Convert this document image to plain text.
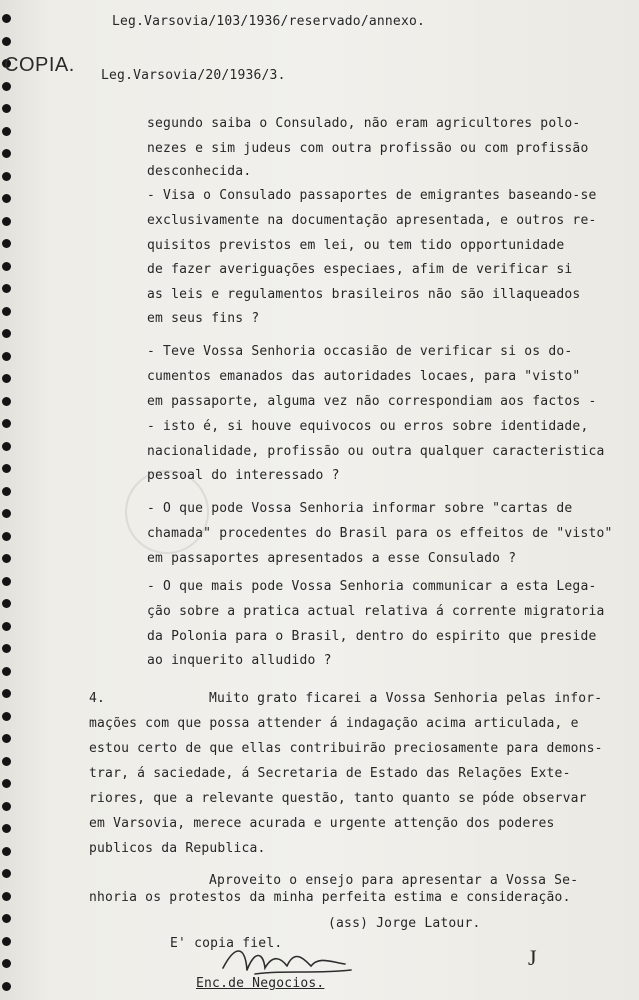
Leg.Varsovia/103/1936/reservado/annexo.
COPIA. Leg.Varsovia/20/1936/3.
segundo saiba o Consulado, não eram agricultores polo-
nezes e sim judeus com outra profissão ou com profissão
desconhecida.
- Visa o Consulado passaportes de emigrantes baseando-se
exclusivamente na documentação apresentada, e outros re-
quisitos previstos em lei, ou tem tido opportunidade
de fazer averiguações especiaes, afim de verificar si
as leis e regulamentos brasileiros não são illaqueados
em seus fins ?
- Teve Vossa Senhoria occasião de verificar si os do-
cumentos emanados das autoridades locaes, para "visto"
em passaporte, alguma vez não correspondiam aos factos -
- isto é, si houve equivocos ou erros sobre identidade,
nacionalidade, profissão ou outra qualquer caracteristica
pessoal do interessado ?
- O que pode Vossa Senhoria informar sobre "cartas de
chamada" procedentes do Brasil para os effeitos de "visto"
em passaportes apresentados a esse Consulado ?
- O que mais pode Vossa Senhoria communicar a esta Lega-
ção sobre a pratica actual relativa á corrente migratoria
da Polonia para o Brasil, dentro do espirito que preside
ao inquerito alludido ?
4.	Muito grato ficarei a Vossa Senhoria pelas infor-
mações com que possa attender á indagação acima articulada, e
estou certo de que ellas contribuirão preciosamente para demons-
trar, á saciedade, á Secretaria de Estado das Relações Exte-
riores, que a relevante questão, tanto quanto se póde observar
em Varsovia, merece acurada e urgente attenção dos poderes
publicos da Republica.
Aproveito o ensejo para apresentar a Vossa Se-
nhoria os protestos da minha perfeita estima e consideração.
(ass) Jorge Latour.
E' copia fiel.
Enc.de Negocios.
J
